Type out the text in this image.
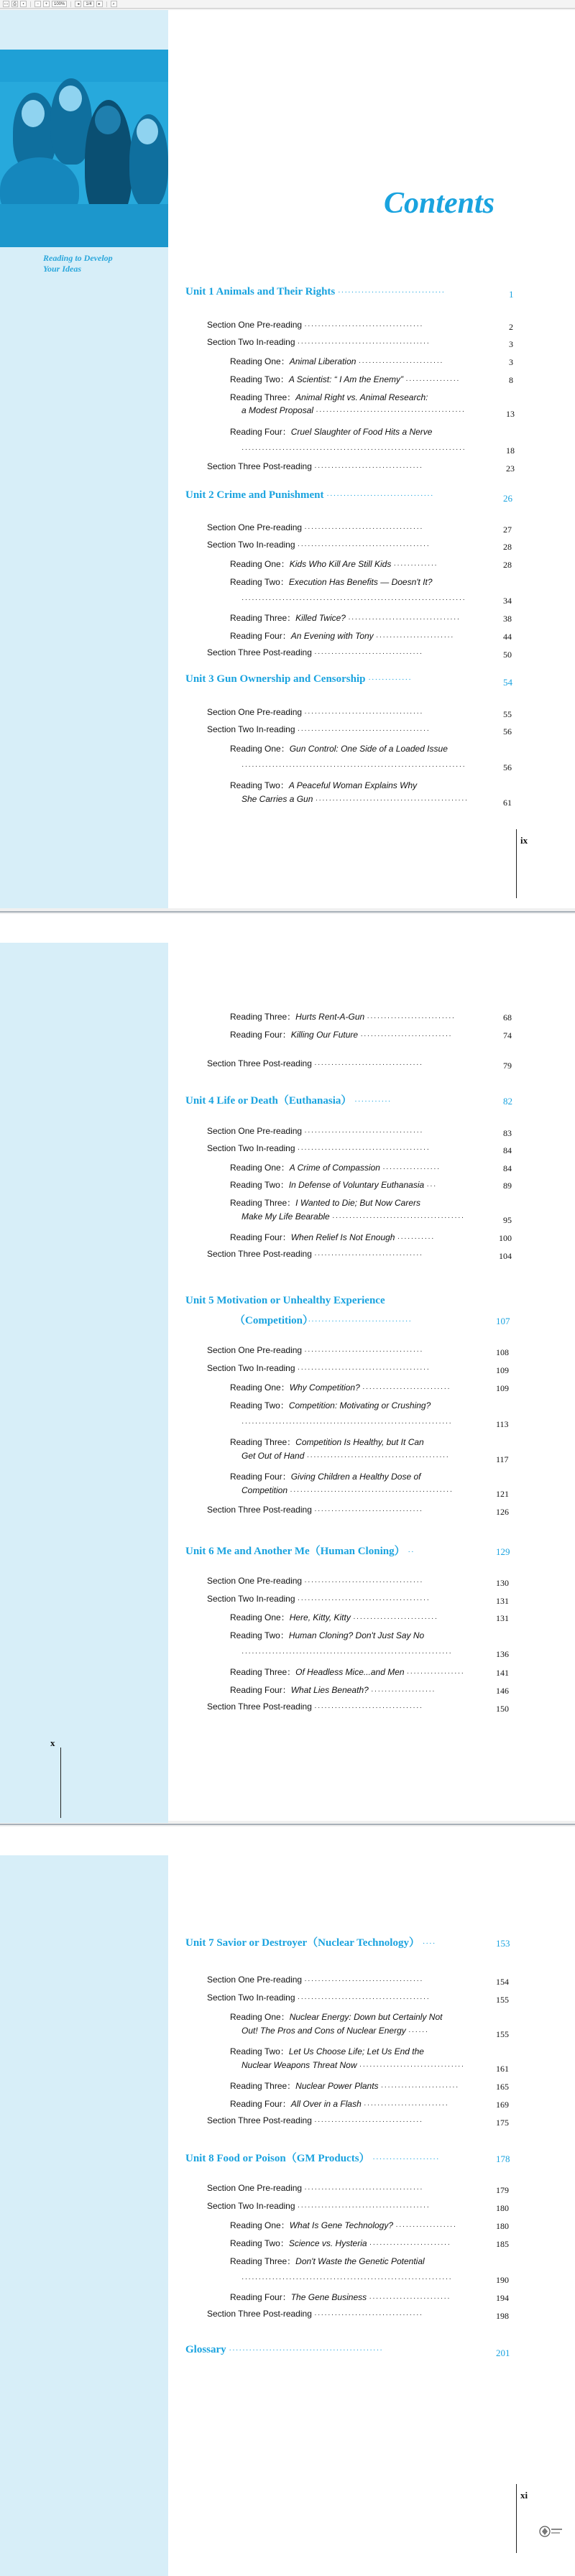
▭	⎙	▪	−	+	100%	◂	1/4	▸	⌕
Reading to Develop
Your Ideas
Contents
Unit 1 Animals and Their Rights ································	1
Section One Pre-reading ···································	2
Section Two In-reading ·······································	3
Reading One：Animal Liberation ·························	3
Reading Two：A Scientist: “ I Am the Enemy” ················	8
Reading Three：Animal Right vs. Animal Research:
a Modest Proposal ············································	13
Reading Four：Cruel Slaughter of Food Hits a Nerve
··································································	18
Section Three Post-reading ································	23
Unit 2 Crime and Punishment ································	26
Section One Pre-reading ···································	27
Section Two In-reading ·······································	28
Reading One：Kids Who Kill Are Still Kids ·············	28
Reading Two：Execution Has Benefits — Doesn't It?
··································································	34
Reading Three：Killed Twice? ·································	38
Reading Four：An Evening with Tony ·······················	44
Section Three Post-reading ································	50
Unit 3 Gun Ownership and Censorship ·············	54
Section One Pre-reading ···································	55
Section Two In-reading ·······································	56
Reading One：Gun Control: One Side of a Loaded Issue
··································································	56
Reading Two：A Peaceful Woman Explains Why
She Carries a Gun ·············································	61
ix
Reading Three：Hurts Rent-A-Gun ··························	68
Reading Four：Killing Our Future ···························	74
Section Three Post-reading ································	79
Unit 4 Life or Death（Euthanasia） ···········	82
Section One Pre-reading ···································	83
Section Two In-reading ·······································	84
Reading One：A Crime of Compassion ·················	84
Reading Two：In Defense of Voluntary Euthanasia ···	89
Reading Three：I Wanted to Die; But Now Carers
Make My Life Bearable ·······································	95
Reading Four：When Relief Is Not Enough ···········	100
Section Three Post-reading ································	104
Unit 5 Motivation or Unhealthy Experience
（Competition）·······························	107
Section One Pre-reading ···································	108
Section Two In-reading ·······································	109
Reading One：Why Competition? ··························	109
Reading Two：Competition: Motivating or Crushing?
······························································	113
Reading Three：Competition Is Healthy, but It Can
Get Out of Hand ··········································	117
Reading Four：Giving Children a Healthy Dose of
Competition ················································	121
Section Three Post-reading ································	126
Unit 6 Me and Another Me（Human Cloning） ··	129
Section One Pre-reading ···································	130
Section Two In-reading ·······································	131
Reading One：Here, Kitty, Kitty ·························	131
Reading Two：Human Cloning? Don't Just Say No
······························································	136
Reading Three：Of Headless Mice...and Men ·················	141
Reading Four：What Lies Beneath? ···················	146
Section Three Post-reading ································	150
x
Unit 7 Savior or Destroyer（Nuclear Technology） ····	153
Section One Pre-reading ···································	154
Section Two In-reading ·······································	155
Reading One：Nuclear Energy: Down but Certainly Not
Out! The Pros and Cons of Nuclear Energy ······	155
Reading Two：Let Us Choose Life; Let Us End the
Nuclear Weapons Threat Now ·······························	161
Reading Three：Nuclear Power Plants ·······················	165
Reading Four：All Over in a Flash ·························	169
Section Three Post-reading ································	175
Unit 8 Food or Poison（GM Products） ····················	178
Section One Pre-reading ···································	179
Section Two In-reading ·······································	180
Reading One：What Is Gene Technology? ··················	180
Reading Two：Science vs. Hysteria ························	185
Reading Three：Don't Waste the Genetic Potential
······························································	190
Reading Four：The Gene Business ························	194
Section Three Post-reading ································	198
Glossary ··············································	201
xi
